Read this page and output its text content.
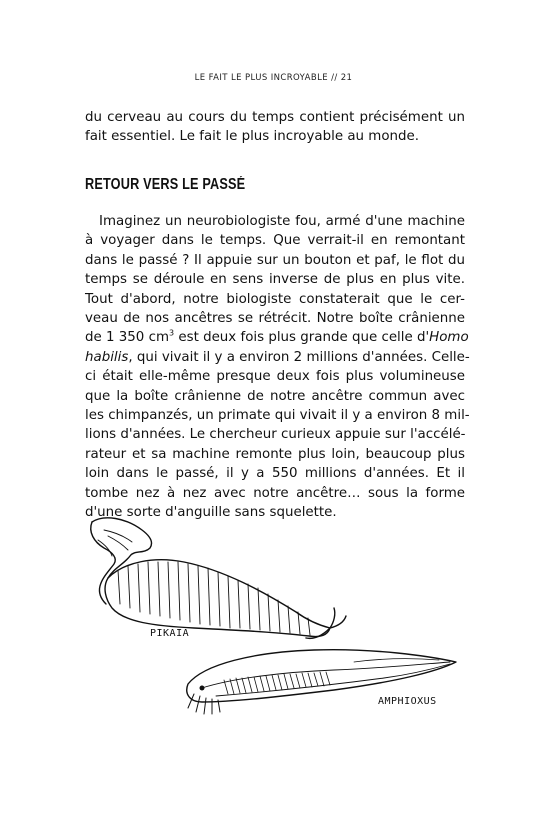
LE FAIT LE PLUS INCROYABLE // 21
du cerveau au cours du temps contient précisément un
fait essentiel. Le fait le plus incroyable au monde.
RETOUR VERS LE PASSÉ
Imaginez un neurobiologiste fou, armé d'une machine
à voyager dans le temps. Que verrait-il en remontant
dans le passé ? Il appuie sur un bouton et paf, le flot du
temps se déroule en sens inverse de plus en plus vite.
Tout d'abord, notre biologiste constaterait que le cer-
veau de nos ancêtres se rétrécit. Notre boîte crânienne
de 1 350 $cm^3$ est deux fois plus grande que celle d'Homo
habilis, qui vivait il y a environ 2 millions d'années. Celle-
ci était elle-même presque deux fois plus volumineuse
que la boîte crânienne de notre ancêtre commun avec
les chimpanzés, un primate qui vivait il y a environ 8 mil-
lions d'années. Le chercheur curieux appuie sur l'accélé-
rateur et sa machine remonte plus loin, beaucoup plus
loin dans le passé, il y a 550 millions d'années. Et il
tombe nez à nez avec notre ancêtre… sous la forme
d'une sorte d'anguille sans squelette.
PIKAIA
AMPHIOXUS
